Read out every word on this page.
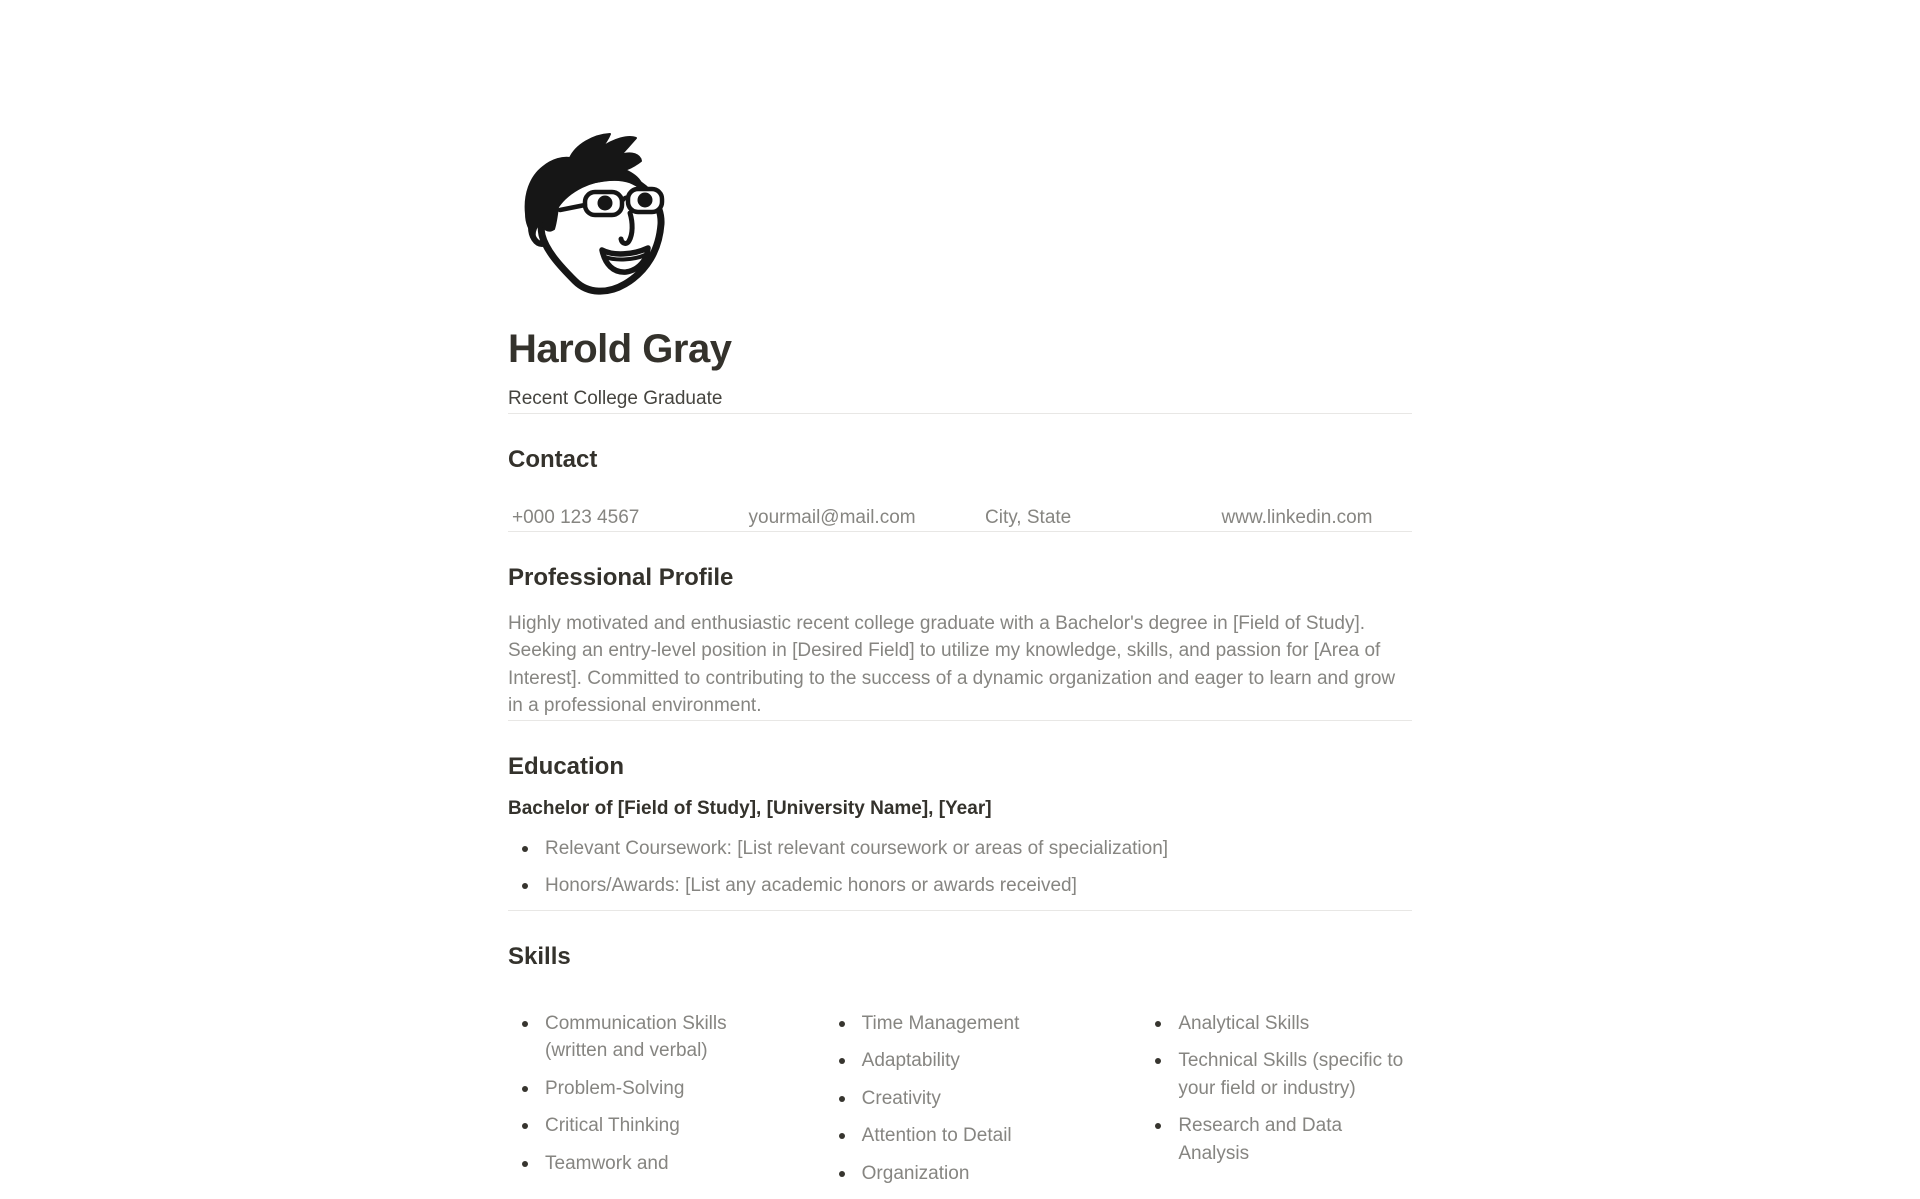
Harold Gray

Recent College Graduate

Contact
+000 123 4567	yourmail@mail.com	City, State	www.linkedin.com
Professional Profile

Highly motivated and enthusiastic recent college graduate with a Bachelor's degree in [Field of Study]. Seeking an entry-level position in [Desired Field] to utilize my knowledge, skills, and passion for [Area of Interest]. Committed to contributing to the success of a dynamic organization and eager to learn and grow in a professional environment.

Education

Bachelor of [Field of Study], [University Name], [Year]

Relevant Coursework: [List relevant coursework or areas of specialization]
Honors/Awards: [List any academic honors or awards received]
Skills
Communication Skills (written and verbal)
Problem-Solving
Critical Thinking
Teamwork and
Time Management
Adaptability
Creativity
Attention to Detail
Organization
Analytical Skills
Technical Skills (specific to your field or industry)
Research and Data Analysis
